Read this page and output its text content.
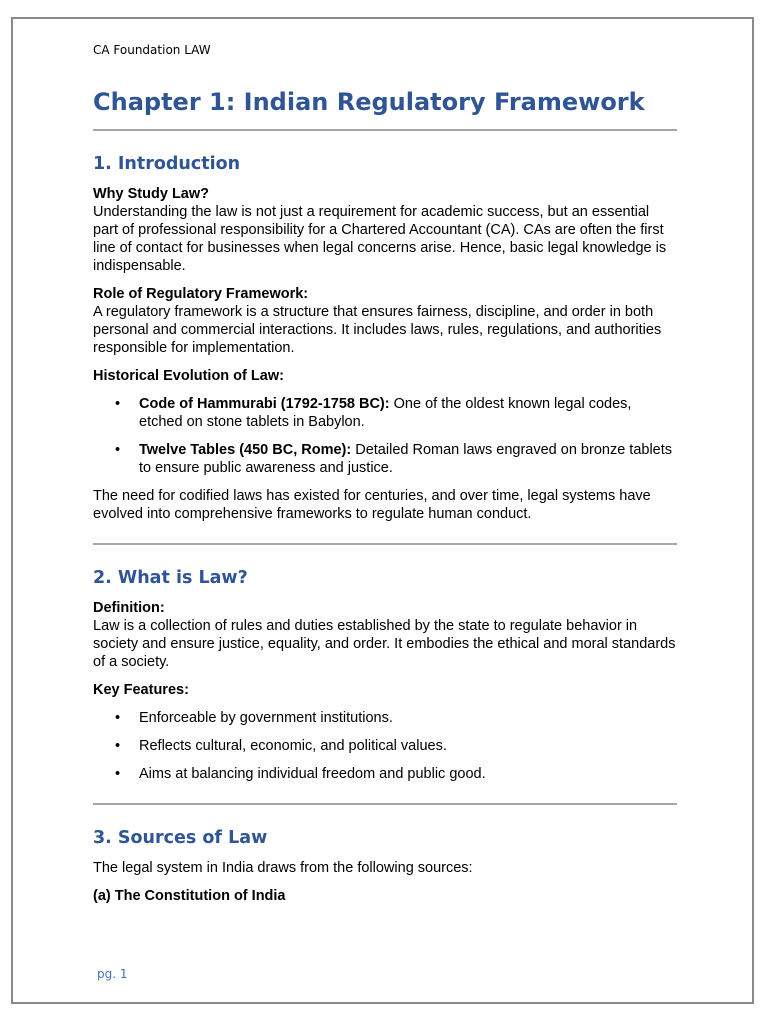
CA Foundation LAW
Chapter 1: Indian Regulatory Framework
1. Introduction
Why Study Law?

Understanding the law is not just a requirement for academic success, but an essential part of professional responsibility for a Chartered Accountant (CA). CAs are often the first line of contact for businesses when legal concerns arise. Hence, basic legal knowledge is indispensable.

Role of Regulatory Framework:

A regulatory framework is a structure that ensures fairness, discipline, and order in both personal and commercial interactions. It includes laws, rules, regulations, and authorities responsible for implementation.

Historical Evolution of Law:
• Code of Hammurabi (1792-1758 BC): One of the oldest known legal codes, etched on stone tablets in Babylon.
• Twelve Tables (450 BC, Rome): Detailed Roman laws engraved on bronze tablets to ensure public awareness and justice.

The need for codified laws has existed for centuries, and over time, legal systems have evolved into comprehensive frameworks to regulate human conduct.

2. What is Law?
Definition:

Law is a collection of rules and duties established by the state to regulate behavior in society and ensure justice, equality, and order. It embodies the ethical and moral standards of a society.

Key Features:
• Enforceable by government institutions.
• Reflects cultural, economic, and political values.
• Aims at balancing individual freedom and public good.
3. Sources of Law

The legal system in India draws from the following sources:

(a) The Constitution of India
pg. 1
